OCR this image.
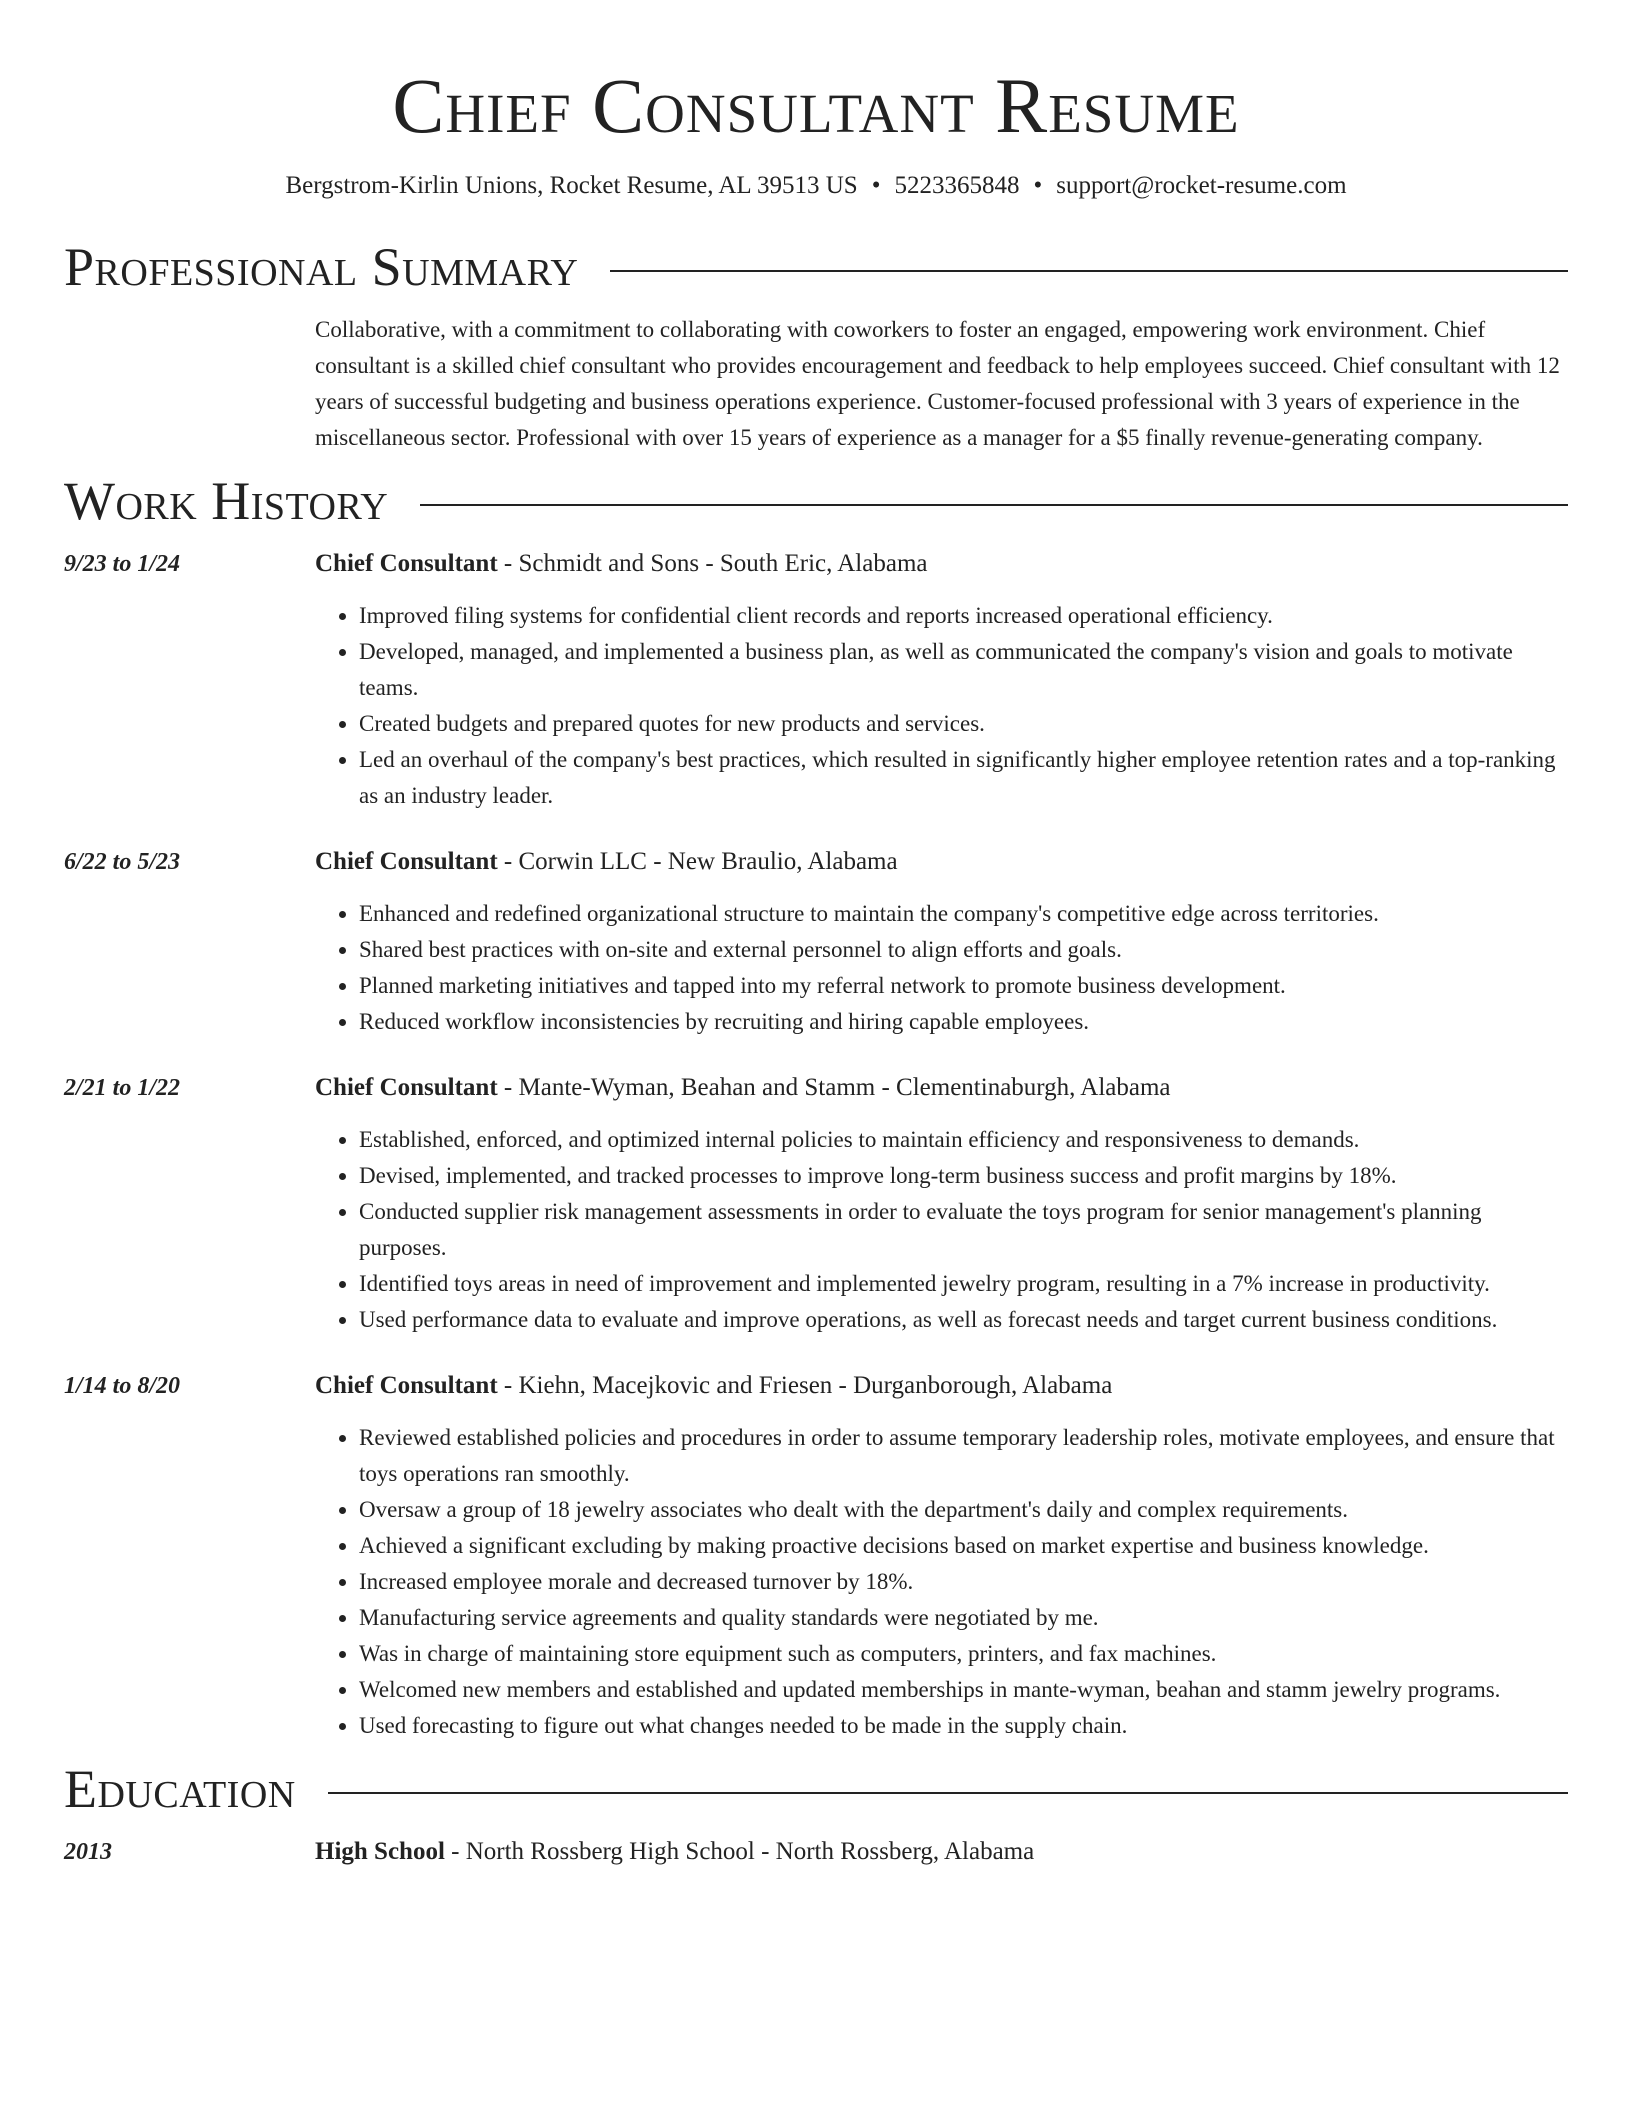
Chief Consultant Resume
Bergstrom-Kirlin Unions, Rocket Resume, AL 39513 US • 5223365848 • support@rocket-resume.com
Professional Summary

Collaborative, with a commitment to collaborating with coworkers to foster an engaged, empowering work environment. Chief consultant is a skilled chief consultant who provides encouragement and feedback to help employees succeed. Chief consultant with 12 years of successful budgeting and business operations experience. Customer-focused professional with 3 years of experience in the miscellaneous sector. Professional with over 15 years of experience as a manager for a $5 finally revenue-generating company.

Work History
9/23 to 1/24	Chief Consultant - Schmidt and Sons - South Eric, Alabama
• Improved filing systems for confidential client records and reports increased operational efficiency.
• Developed, managed, and implemented a business plan, as well as communicated the company's vision and goals to motivate teams.
• Created budgets and prepared quotes for new products and services.
• Led an overhaul of the company's best practices, which resulted in significantly higher employee retention rates and a top-ranking as an industry leader.
6/22 to 5/23	Chief Consultant - Corwin LLC - New Braulio, Alabama
• Enhanced and redefined organizational structure to maintain the company's competitive edge across territories.
• Shared best practices with on-site and external personnel to align efforts and goals.
• Planned marketing initiatives and tapped into my referral network to promote business development.
• Reduced workflow inconsistencies by recruiting and hiring capable employees.
2/21 to 1/22	Chief Consultant - Mante-Wyman, Beahan and Stamm - Clementinaburgh, Alabama
• Established, enforced, and optimized internal policies to maintain efficiency and responsiveness to demands.
• Devised, implemented, and tracked processes to improve long-term business success and profit margins by 18%.
• Conducted supplier risk management assessments in order to evaluate the toys program for senior management's planning purposes.
• Identified toys areas in need of improvement and implemented jewelry program, resulting in a 7% increase in productivity.
• Used performance data to evaluate and improve operations, as well as forecast needs and target current business conditions.
1/14 to 8/20	Chief Consultant - Kiehn, Macejkovic and Friesen - Durganborough, Alabama
• Reviewed established policies and procedures in order to assume temporary leadership roles, motivate employees, and ensure that toys operations ran smoothly.
• Oversaw a group of 18 jewelry associates who dealt with the department's daily and complex requirements.
• Achieved a significant excluding by making proactive decisions based on market expertise and business knowledge.
• Increased employee morale and decreased turnover by 18%.
• Manufacturing service agreements and quality standards were negotiated by me.
• Was in charge of maintaining store equipment such as computers, printers, and fax machines.
• Welcomed new members and established and updated memberships in mante-wyman, beahan and stamm jewelry programs.
• Used forecasting to figure out what changes needed to be made in the supply chain.
Education
2013	High School - North Rossberg High School - North Rossberg, Alabama
